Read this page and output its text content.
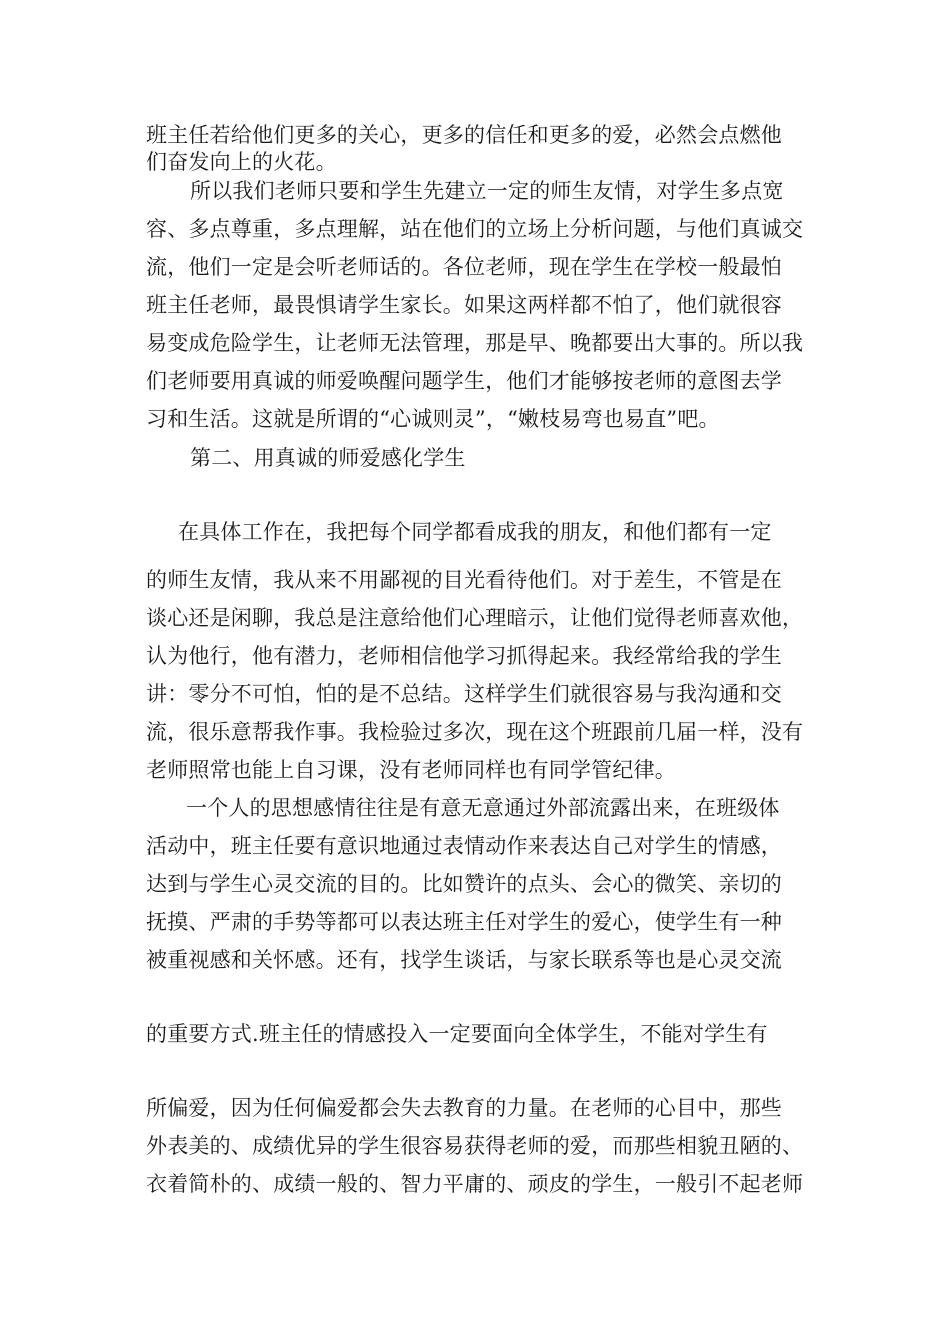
班主任若给他们更多的关心，更多的信任和更多的爱，必然会点燃他
们奋发向上的火花。
所以我们老师只要和学生先建立一定的师生友情，对学生多点宽
容、多点尊重，多点理解，站在他们的立场上分析问题，与他们真诚交
流，他们一定是会听老师话的。各位老师，现在学生在学校一般最怕
班主任老师，最畏惧请学生家长。如果这两样都不怕了，他们就很容
易变成危险学生，让老师无法管理，那是早、晚都要出大事的。所以我
们老师要用真诚的师爱唤醒问题学生，他们才能够按老师的意图去学
习和生活。这就是所谓的“心诚则灵”，“嫩枝易弯也易直”吧。
第二、用真诚的师爱感化学生
在具体工作在，我把每个同学都看成我的朋友，和他们都有一定
的师生友情，我从来不用鄙视的目光看待他们。对于差生，不管是在
谈心还是闲聊，我总是注意给他们心理暗示，让他们觉得老师喜欢他，
认为他行，他有潜力，老师相信他学习抓得起来。我经常给我的学生
讲：零分不可怕，怕的是不总结。这样学生们就很容易与我沟通和交
流，很乐意帮我作事。我检验过多次，现在这个班跟前几届一样，没有
老师照常也能上自习课，没有老师同样也有同学管纪律。
一个人的思想感情往往是有意无意通过外部流露出来，在班级体
活动中，班主任要有意识地通过表情动作来表达自己对学生的情感，
达到与学生心灵交流的目的。比如赞许的点头、会心的微笑、亲切的
抚摸、严肃的手势等都可以表达班主任对学生的爱心，使学生有一种
被重视感和关怀感。还有，找学生谈话，与家长联系等也是心灵交流
的重要方式.班主任的情感投入一定要面向全体学生，不能对学生有
所偏爱，因为任何偏爱都会失去教育的力量。在老师的心目中，那些
外表美的、成绩优异的学生很容易获得老师的爱，而那些相貌丑陋的、
衣着简朴的、成绩一般的、智力平庸的、顽皮的学生，一般引不起老师
